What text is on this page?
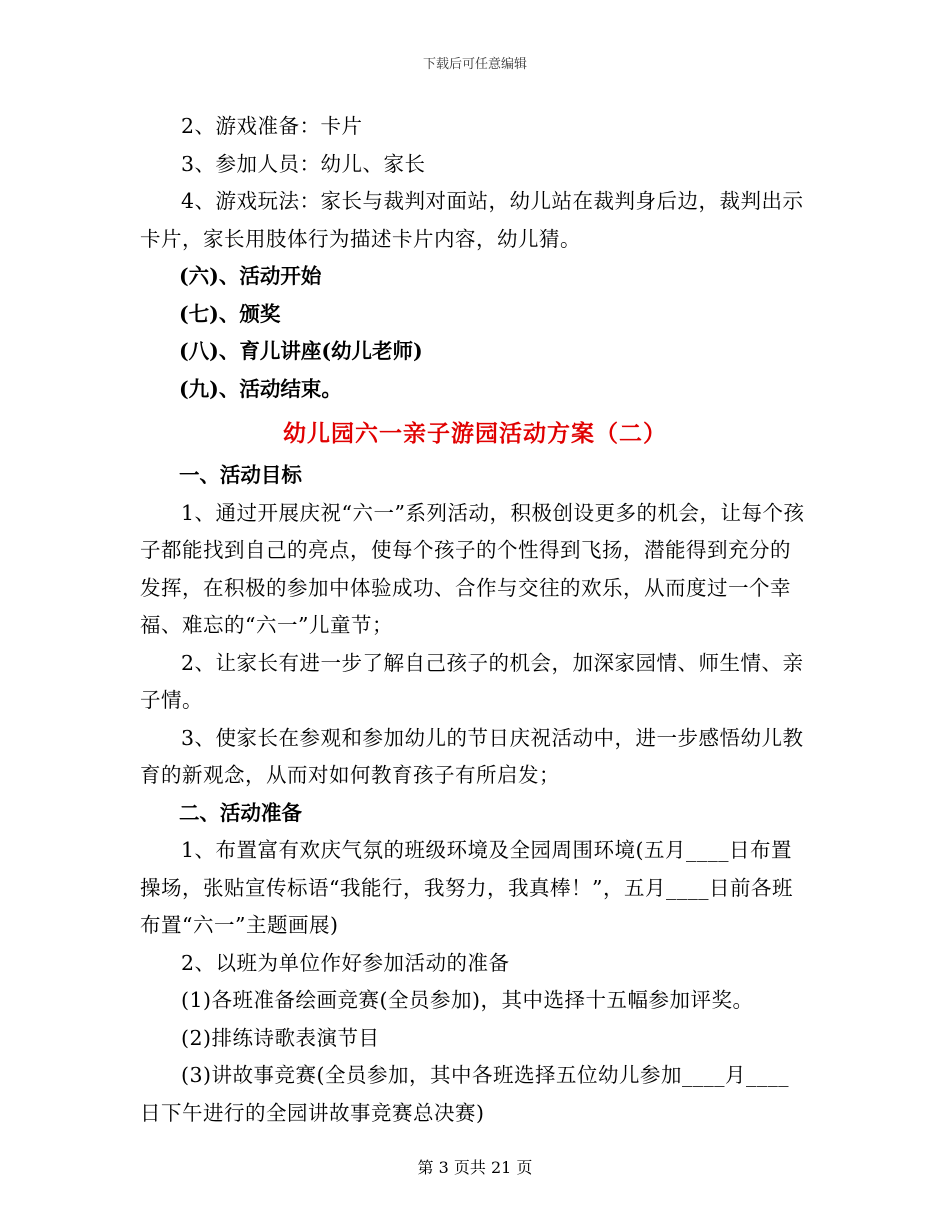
下载后可任意编辑

2、游戏准备：卡片

3、参加人员：幼儿、家长

4、游戏玩法：家长与裁判对面站，幼儿站在裁判身后边，裁判出示卡片，家长用肢体行为描述卡片内容，幼儿猜。

(六)、活动开始

(七)、颁奖

(八)、育儿讲座(幼儿老师)

(九)、活动结束。

幼儿园六一亲子游园活动方案（二）

一、活动目标

1、通过开展庆祝“六一”系列活动，积极创设更多的机会，让每个孩子都能找到自己的亮点，使每个孩子的个性得到飞扬，潜能得到充分的发挥，在积极的参加中体验成功、合作与交往的欢乐，从而度过一个幸福、难忘的“六一”儿童节；

2、让家长有进一步了解自己孩子的机会，加深家园情、师生情、亲子情。

3、使家长在参观和参加幼儿的节日庆祝活动中，进一步感悟幼儿教育的新观念，从而对如何教育孩子有所启发；

二、活动准备

1、布置富有欢庆气氛的班级环境及全园周围环境(五月____日布置操场，张贴宣传标语“我能行，我努力，我真棒！”，五月____日前各班布置“六一”主题画展)

2、以班为单位作好参加活动的准备

(1)各班准备绘画竞赛(全员参加)，其中选择十五幅参加评奖。

(2)排练诗歌表演节目

(3)讲故事竞赛(全员参加，其中各班选择五位幼儿参加____月____日下午进行的全园讲故事竞赛总决赛)

第 3 页共 21 页
